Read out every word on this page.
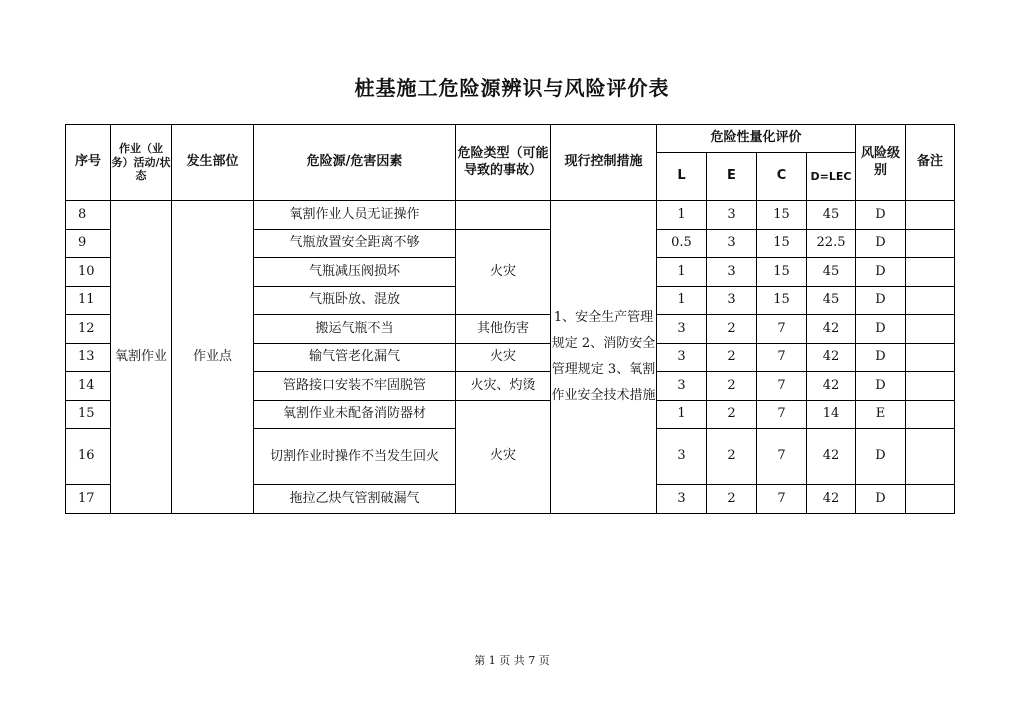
桩基施工危险源辨识与风险评价表
序号	作业（业务）活动/状态	发生部位	危险源/危害因素	危险类型（可能导致的事故）	现行控制措施	危险性量化评价				风险级别	备注
						L	E	C	D=LEC		
8	氧割作业	作业点	氧割作业人员无证操作		1、安全生产管理规定 2、消防安全管理规定 3、氧割作业安全技术措施	1	3	15	45	D	
9			气瓶放置安全距离不够	火灾		0.5	3	15	22.5	D	
10			气瓶减压阀损坏			1	3	15	45	D	
11			气瓶卧放、混放			1	3	15	45	D	
12			搬运气瓶不当	其他伤害		3	2	7	42	D	
13			输气管老化漏气	火灾		3	2	7	42	D	
14			管路接口安装不牢固脱管	火灾、灼烫		3	2	7	42	D	
15			氧割作业未配备消防器材	火灾		1	2	7	14	E	
16			切割作业时操作不当发生回火			3	2	7	42	D	
17			拖拉乙炔气管割破漏气			3	2	7	42	D	
第 1 页 共 7 页
